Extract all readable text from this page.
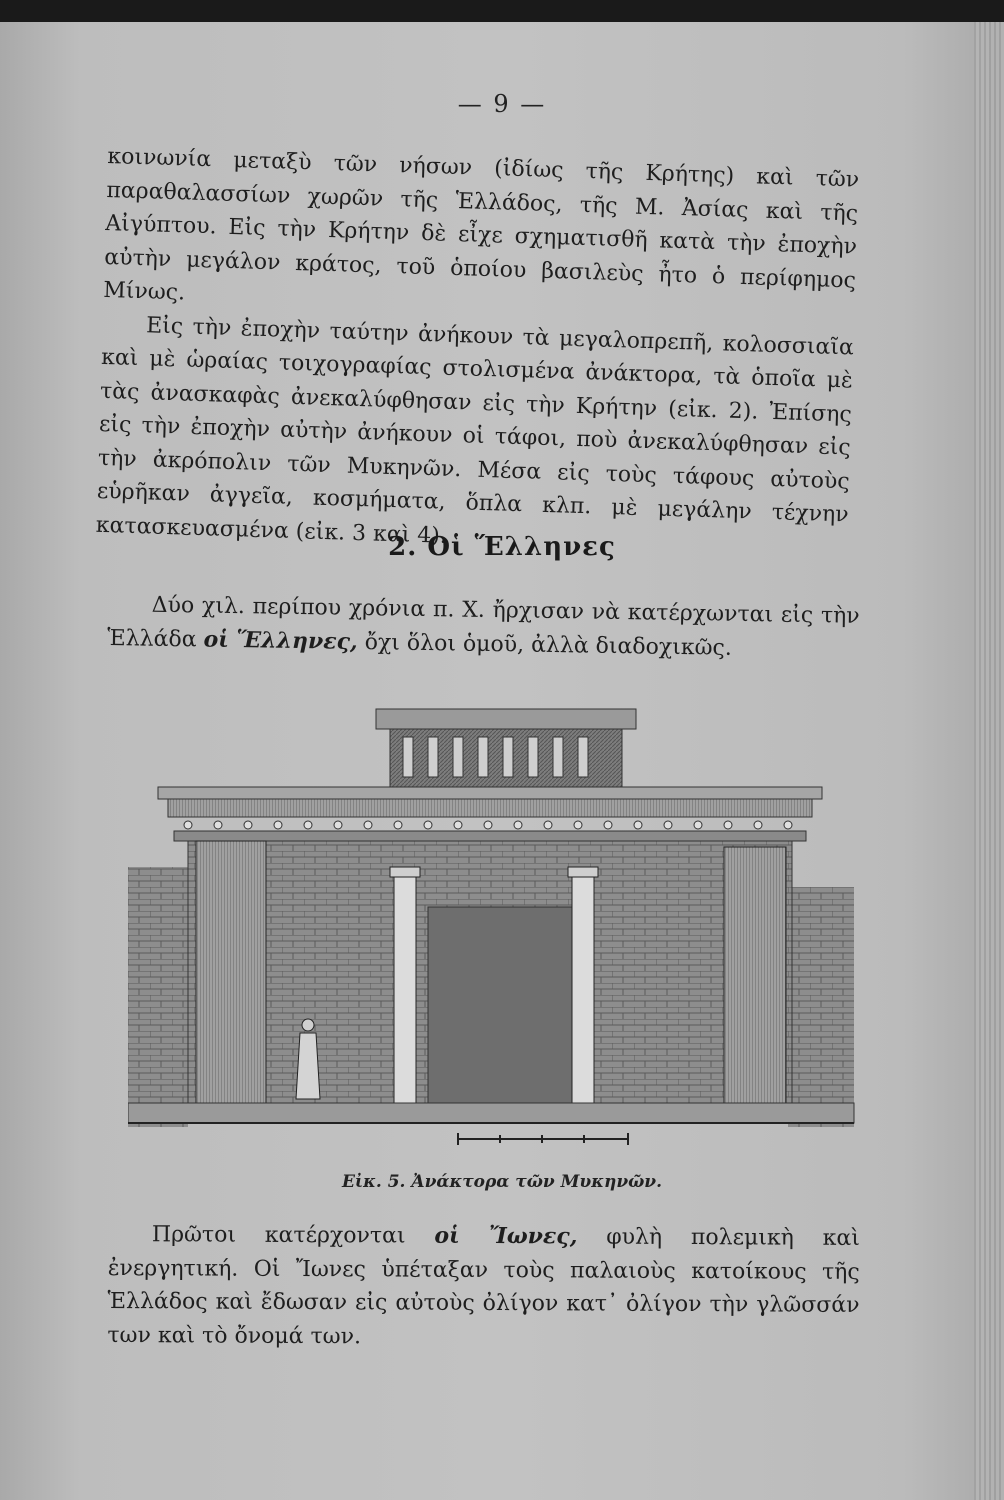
— 9 —

κοινωνία μεταξὺ τῶν νήσων (ἰδίως τῆς Κρήτης) καὶ τῶν παραθαλασσίων χωρῶν τῆς Ἑλλάδος, τῆς Μ. Ἀσίας καὶ τῆς Αἰγύπτου. Εἰς τὴν Κρήτην δὲ εἶχε σχηματισθῆ κατὰ τὴν ἐποχὴν αὐτὴν μεγάλον κράτος, τοῦ ὁποίου βασιλεὺς ἦτο ὁ περίφημος Μίνως.

Εἰς τὴν ἐποχὴν ταύτην ἀνήκουν τὰ μεγαλοπρεπῆ, κολοσσιαῖα καὶ μὲ ὡραίας τοιχογραφίας στολισμένα ἀνάκτορα, τὰ ὁποῖα μὲ τὰς ἀνασκαφὰς ἀνεκαλύφθησαν εἰς τὴν Κρήτην (εἰκ. 2). Ἐπίσης εἰς τὴν ἐποχὴν αὐτὴν ἀνήκουν οἱ τάφοι, ποὺ ἀνεκαλύφθησαν εἰς τὴν ἀκρόπολιν τῶν Μυκηνῶν. Μέσα εἰς τοὺς τάφους αὐτοὺς εὑρῆκαν ἀγγεῖα, κοσμήματα, ὅπλα κλπ. μὲ μεγάλην τέχνην κατασκευασμένα (εἰκ. 3 καὶ 4).

2. Οἱ Ἕλληνες

Δύο χιλ. περίπου χρόνια π. Χ. ἤρχισαν νὰ κατέρχωνται εἰς τὴν Ἑλλάδα οἱ Ἕλληνες, ὄχι ὅλοι ὁμοῦ, ἀλλὰ διαδοχικῶς.

Εἰκ. 5. Ἀνάκτορα τῶν Μυκηνῶν.

Πρῶτοι κατέρχονται οἱ Ἴωνες, φυλὴ πολεμικὴ καὶ ἐνεργητική. Οἱ Ἴωνες ὑπέταξαν τοὺς παλαιοὺς κατοίκους τῆς Ἑλλάδος καὶ ἔδωσαν εἰς αὐτοὺς ὀλίγον κατ᾽ ὀλίγον τὴν γλῶσσάν των καὶ τὸ ὄνομά των.
